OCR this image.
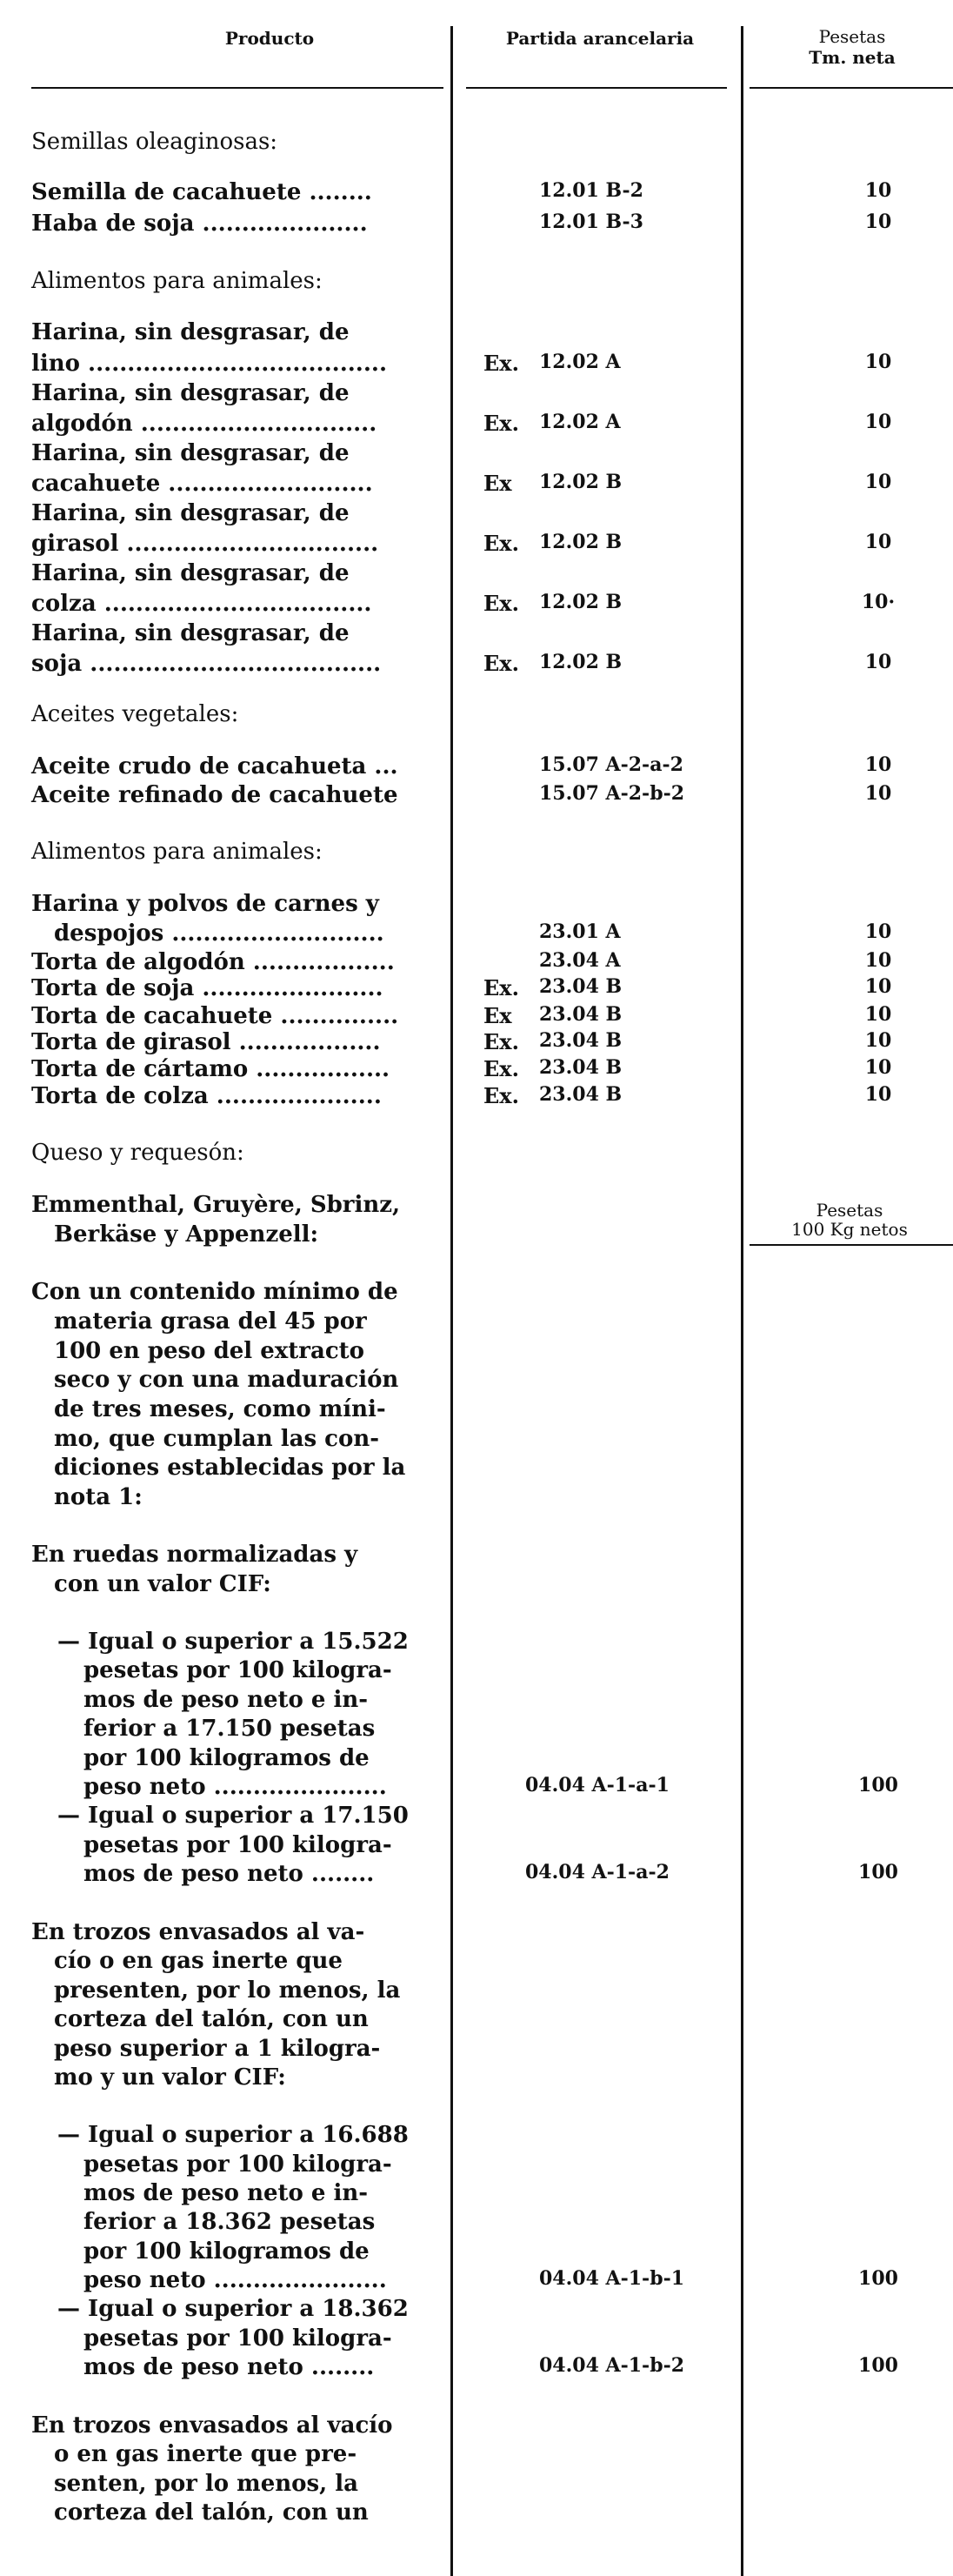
Producto	Partida arancelaria	Pesetas
Tm. neta
Pesetas
100 Kg netos
Semillas oleaginosas:
Semilla de cacahuete ........	12.01 B-2	10
Haba de soja .....................	12.01 B-3	10
Alimentos para animales:
Harina, sin desgrasar, de
lino ......................................	Ex. 12.02 A	10
Harina, sin desgrasar, de
algodón ..............................	Ex. 12.02 A	10
Harina, sin desgrasar, de
cacahuete ..........................	Ex 12.02 B	10
Harina, sin desgrasar, de
girasol ................................	Ex. 12.02 B	10
Harina, sin desgrasar, de
colza ..................................	Ex. 12.02 B	10·
Harina, sin desgrasar, de
soja .....................................	Ex. 12.02 B	10
Aceites vegetales:
Aceite crudo de cacahueta ...	15.07 A-2-a-2	10
Aceite refinado de cacahuete	15.07 A-2-b-2	10
Alimentos para animales:
Harina y polvos de carnes y
despojos ...........................	23.01 A	10
Torta de algodón ..................	23.04 A	10
Torta de soja .......................	Ex. 23.04 B	10
Torta de cacahuete ...............	Ex 23.04 B	10
Torta de girasol ..................	Ex. 23.04 B	10
Torta de cártamo .................	Ex. 23.04 B	10
Torta de colza .....................	Ex. 23.04 B	10
Queso y requesón:
Emmenthal, Gruyère, Sbrinz,
Berkäse y Appenzell:
Con un contenido mínimo de
materia grasa del 45 por
100 en peso del extracto
seco y con una maduración
de tres meses, como míni-
mo, que cumplan las con-
diciones establecidas por la
nota 1:
En ruedas normalizadas y
con un valor CIF:
— Igual o superior a 15.522
pesetas por 100 kilogra-
mos de peso neto e in-
ferior a 17.150 pesetas
por 100 kilogramos de
peso neto ......................	04.04 A-1-a-1	100
— Igual o superior a 17.150
pesetas por 100 kilogra-
mos de peso neto ........	04.04 A-1-a-2	100
En trozos envasados al va-
cío o en gas inerte que
presenten, por lo menos, la
corteza del talón, con un
peso superior a 1 kilogra-
mo y un valor CIF:
— Igual o superior a 16.688
pesetas por 100 kilogra-
mos de peso neto e in-
ferior a 18.362 pesetas
por 100 kilogramos de
peso neto ......................	04.04 A-1-b-1	100
— Igual o superior a 18.362
pesetas por 100 kilogra-
mos de peso neto ........	04.04 A-1-b-2	100
En trozos envasados al vacío
o en gas inerte que pre-
senten, por lo menos, la
corteza del talón, con un
